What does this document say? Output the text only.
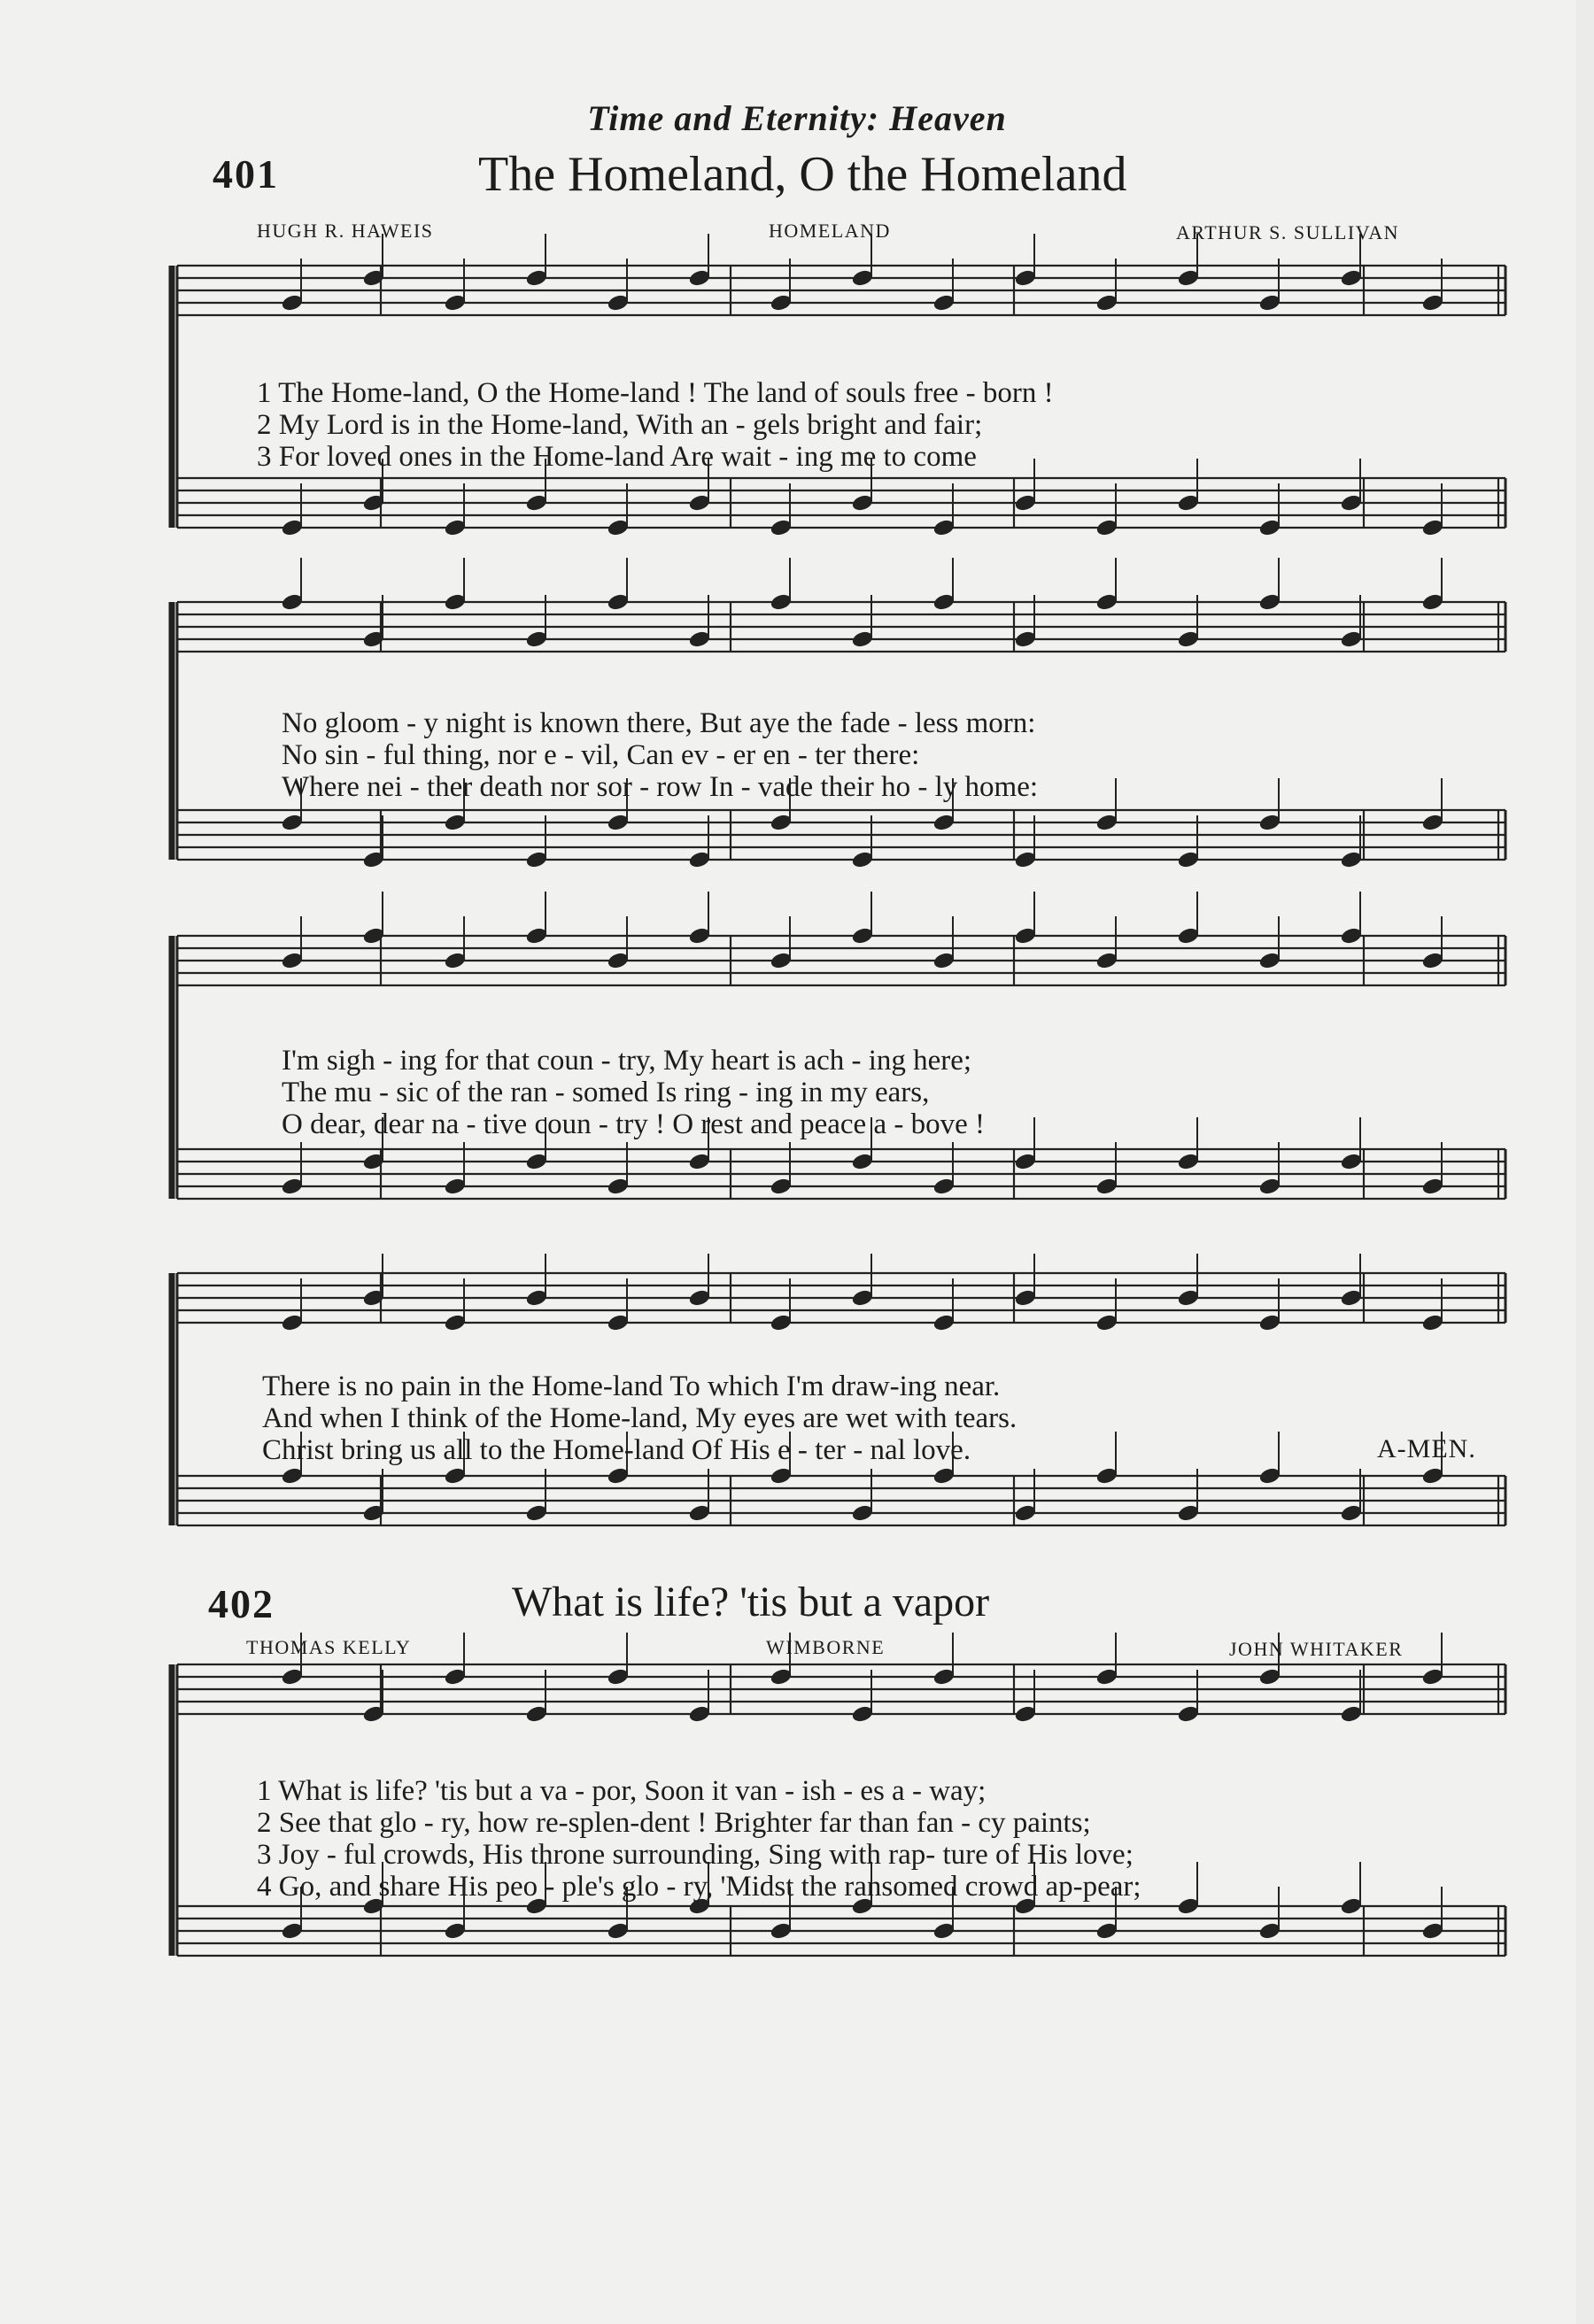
Time and Eternity: Heaven
401	The Homeland, O the Homeland
HUGH R. HAWEIS	HOMELAND	ARTHUR S. SULLIVAN
1 The Home-land, O the Home-land ! The land of souls free - born !
2 My Lord is in the Home-land, With an - gels bright and fair;
3 For loved ones in the Home-land Are wait - ing me to come
No gloom - y night is known there, But aye the fade - less morn:
No sin - ful thing, nor e - vil, Can ev - er en - ter there:
Where nei - ther death nor sor - row In - vade their ho - ly home:
I'm sigh - ing for that coun - try, My heart is ach - ing here;
The mu - sic of the ran - somed Is ring - ing in my ears,
O dear, dear na - tive coun - try ! O rest and peace a - bove !
There is no pain in the Home-land To which I'm draw-ing near.
And when I think of the Home-land, My eyes are wet with tears.
Christ bring us all to the Home-land Of His e - ter - nal love.	A-MEN.
402	What is life? 'tis but a vapor
THOMAS KELLY	WIMBORNE	JOHN WHITAKER
1 What is life? 'tis but a va - por, Soon it van - ish - es a - way;
2 See that glo - ry, how re-splen-dent ! Brighter far than fan - cy paints;
3 Joy - ful crowds, His throne surrounding, Sing with rap- ture of His love;
4 Go, and share His peo - ple's glo - ry, 'Midst the ransomed crowd ap-pear;
